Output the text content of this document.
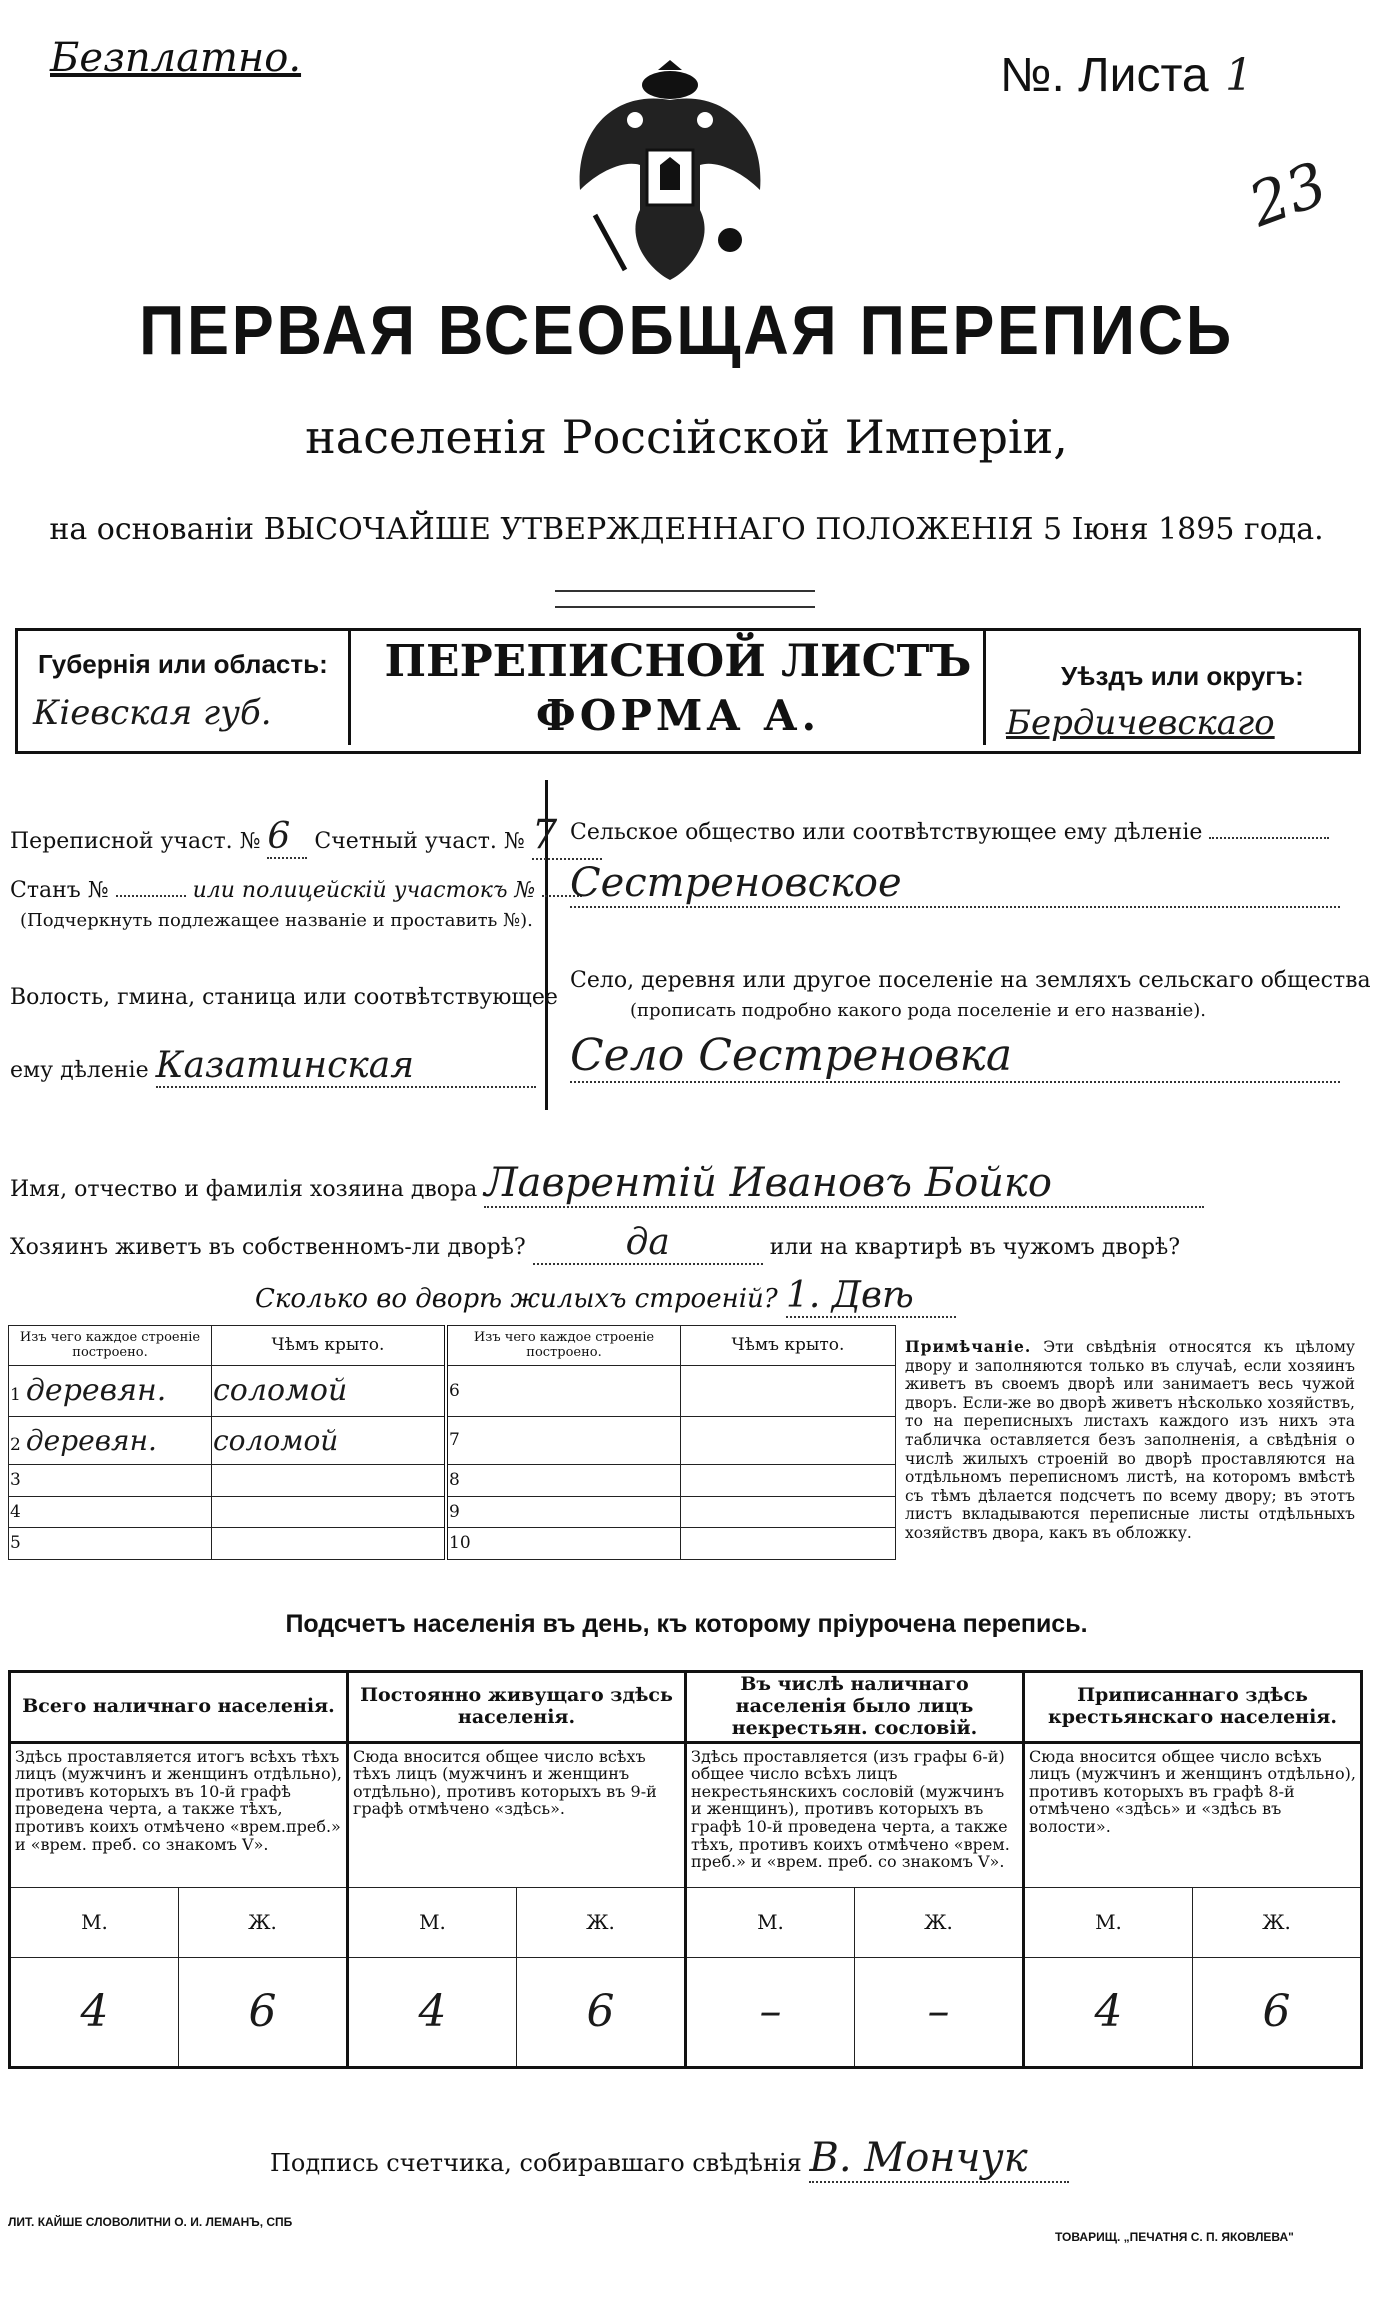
Безплатно.	№. Листа 1
23
ПЕРВАЯ ВСЕОБЩАЯ ПЕРЕПИСЬ
населенія Россійской Имперіи,
на основаніи ВЫСОЧАЙШЕ УТВЕРЖДЕННАГО ПОЛОЖЕНІЯ 5 Іюня 1895 года.
Губернія или область:
Кіевская губ.
ПЕРЕПИСНОЙ ЛИСТЪ
ФОРМА А.
Уѣздъ или округъ:
Бердичевскаго
Переписной участ. № 6 Счетный участ. № 7
Станъ №	или полицейскій участокъ №
(Подчеркнуть подлежащее названіе и проставить №).
Волость, гмина, станица или соотвѣтствующее
ему дѣленіе Казатинская
Сельское общество или соотвѣтствующее ему дѣленіе
Сестреновское
Село, деревня или другое поселеніе на земляхъ сельскаго общества
(прописать подробно какого рода поселеніе и его названіе).
Село Сестреновка
Имя, отчество и фамилія хозяина двора Лаврентій Ивановъ Бойко
Хозяинъ живетъ въ собственномъ-ли дворѣ?	да	или на квартирѣ въ чужомъ дворѣ?
Сколько во дворѣ жилыхъ строеній? 1. Двѣ
Изъ чего каждое строеніе построено.	Чѣмъ крыто.	Изъ чего каждое строеніе построено.	Чѣмъ крыто.
1 деревян.	соломой	6	
2 деревян.	соломой	7	
3		8	
4		9	
5		10	
Примѣчаніе. Эти свѣдѣнія относятся къ цѣлому двору и заполняются только въ случаѣ, если хозяинъ живетъ въ своемъ дворѣ или занимаетъ весь чужой дворъ. Если-же во дворѣ живетъ нѣсколько хозяйствъ, то на переписныхъ листахъ каждого изъ нихъ эта табличка оставляется безъ заполненія, а свѣдѣнія о числѣ жилыхъ строеній во дворѣ проставляются на отдѣльномъ переписномъ листѣ, на которомъ вмѣстѣ съ тѣмъ дѣлается подсчетъ по всему двору; въ этотъ листъ вкладываются переписные листы отдѣльныхъ хозяйствъ двора, какъ въ обложку.
Подсчетъ населенія въ день, къ которому пріурочена перепись.
Всего наличнаго населенія.		Постоянно живущаго здѣсь населенія.		Въ числѣ наличнаго населенія было лицъ некрестьян. сословій.		Приписаннаго здѣсь крестьянскаго населенія.	
Здѣсь проставляется итогъ всѣхъ тѣхъ лицъ (мужчинъ и женщинъ отдѣльно), противъ которыхъ въ 10-й графѣ проведена черта, а также тѣхъ, противъ коихъ отмѣчено «врем.преб.» и «врем. преб. со знакомъ V».		Сюда вносится общее число всѣхъ тѣхъ лицъ (мужчинъ и женщинъ отдѣльно), противъ которыхъ въ 9-й графѣ отмѣчено «здѣсь».		Здѣсь проставляется (изъ графы 6-й) общее число всѣхъ лицъ некрестьянскихъ сословій (мужчинъ и женщинъ), противъ которыхъ въ графѣ 10-й проведена черта, а также тѣхъ, противъ коихъ отмѣчено «врем. преб.» и «врем. преб. со знакомъ V».		Сюда вносится общее число всѣхъ лицъ (мужчинъ и женщинъ отдѣльно), противъ которыхъ въ графѣ 8-й отмѣчено «здѣсь» и «здѣсь въ волости».	
М.	Ж.	М.	Ж.	М.	Ж.	М.	Ж.
4	6	4	6	–	–	4	6
Подпись счетчика, собиравшаго свѣдѣнія В. Мончук
ЛИТ. КАЙШЕ СЛОВОЛИТНИ О. И. ЛЕМАНЪ, СПБ
ТОВАРИЩ. „ПЕЧАТНЯ С. П. ЯКОВЛЕВА"
